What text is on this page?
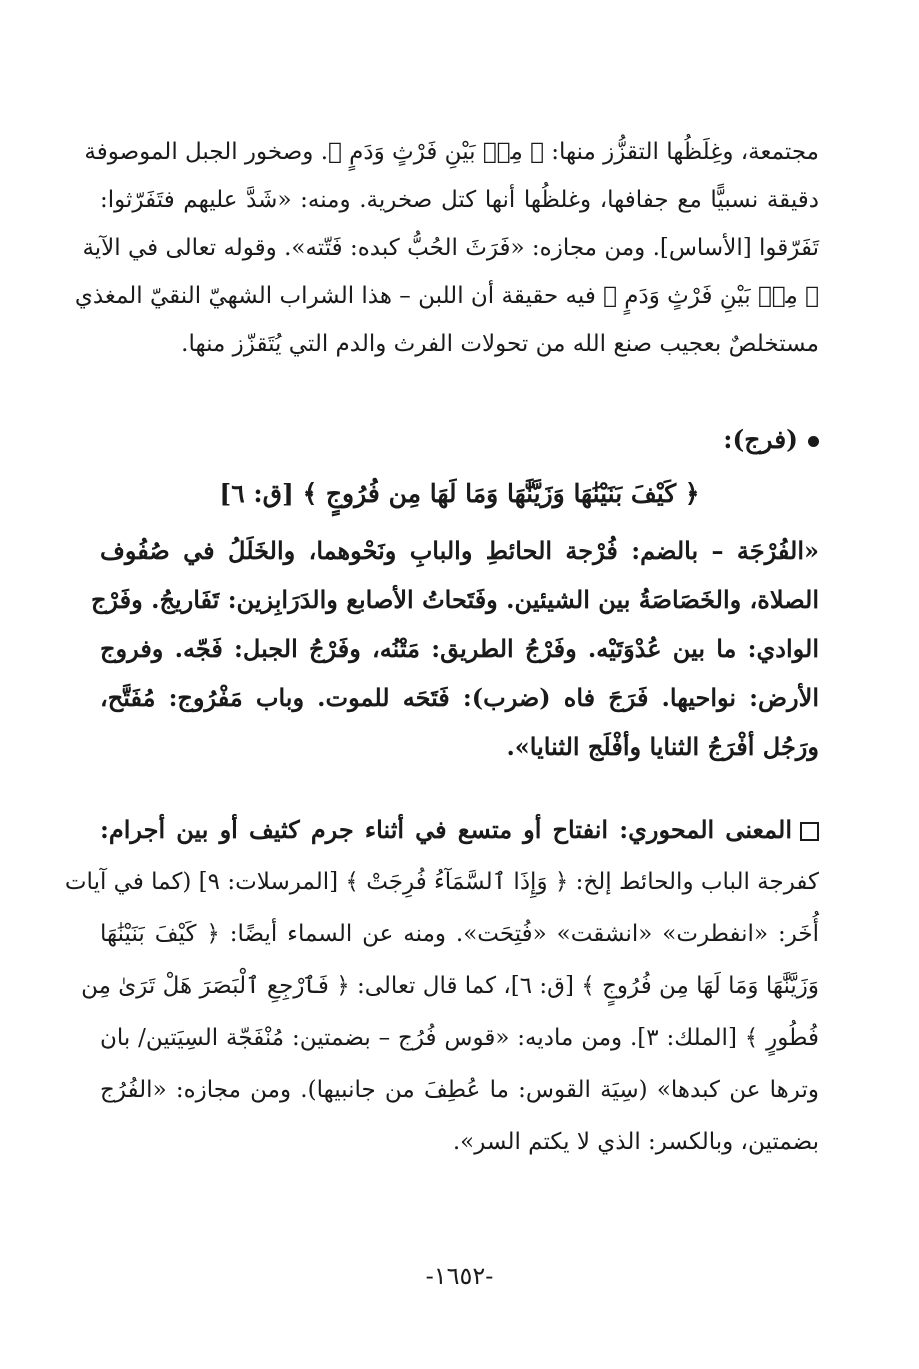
مجتمعة، وغِلَظُها التقزُّز منها: ﴿ مِنۢ بَيْنِ فَرْثٍ وَدَمٍ ﴾. وصخور الجبل الموصوفة
دقيقة نسبيًّا مع جفافها، وغلظُها أنها كتل صخرية. ومنه: «شَدَّ عليهم فتَفَرّثوا:
تَفَرّقوا [الأساس]. ومن مجازه: «فَرَثَ الحُبُّ كبده: فَتّته». وقوله تعالى في الآية
﴿ مِنۢ بَيْنِ فَرْثٍ وَدَمٍ ﴾ فيه حقيقة أن اللبن – هذا الشراب الشهيّ النقيّ المغذي
مستخلصٌ بعجيب صنع الله من تحولات الفرث والدم التي يُتَقزّز منها.
(فرج):
﴿ كَيْفَ بَنَيْنَٰهَا وَزَيَّنَّٰهَا وَمَا لَهَا مِن فُرُوجٍ ﴾ [ق: ٦]
«الفُرْجَة – بالضم: فُرْجة الحائطِ والبابِ ونَحْوهما، والخَلَلُ في صُفُوف
الصلاة، والخَصَاصَةُ بين الشيئين. وفَتَحاتُ الأصابع والدَرَابِزين: تَفَاريجُ. وفَرْج
الوادي: ما بين عُدْوَتَيْه. وفَرْجُ الطريق: مَتْنُه، وفَرْجُ الجبل: فَجّه. وفروج
الأرض: نواحيها. فَرَجَ فاه (ضرب): فَتَحَه للموت. وباب مَفْرُوج: مُفَتَّح،
ورَجُل أفْرَجُ الثنايا وأفْلَج الثنايا».
المعنى المحوري: انفتاح أو متسع في أثناء جرم كثيف أو بين أجرام:
كفرجة الباب والحائط إلخ: ﴿ وَإِذَا ٱلسَّمَآءُ فُرِجَتْ ﴾ [المرسلات: ٩] (كما في آيات
أُخَر: «انفطرت» «انشقت» «فُتِحَت». ومنه عن السماء أيضًا: ﴿ كَيْفَ بَنَيْنَٰهَا
وَزَيَّنَّٰهَا وَمَا لَهَا مِن فُرُوجٍ ﴾ [ق: ٦]، كما قال تعالى: ﴿ فَٱرْجِعِ ٱلْبَصَرَ هَلْ تَرَىٰ مِن
فُطُورٍ ﴾ [الملك: ٣]. ومن ماديه: «قوس فُرُج – بضمتين: مُنْفَجّة السِيَتين/ بان
وترها عن كبدها» (سِيَة القوس: ما عُطِفَ من جانبيها). ومن مجازه: «الفُرُج
بضمتين، وبالكسر: الذي لا يكتم السر».
-١٦٥٢-
